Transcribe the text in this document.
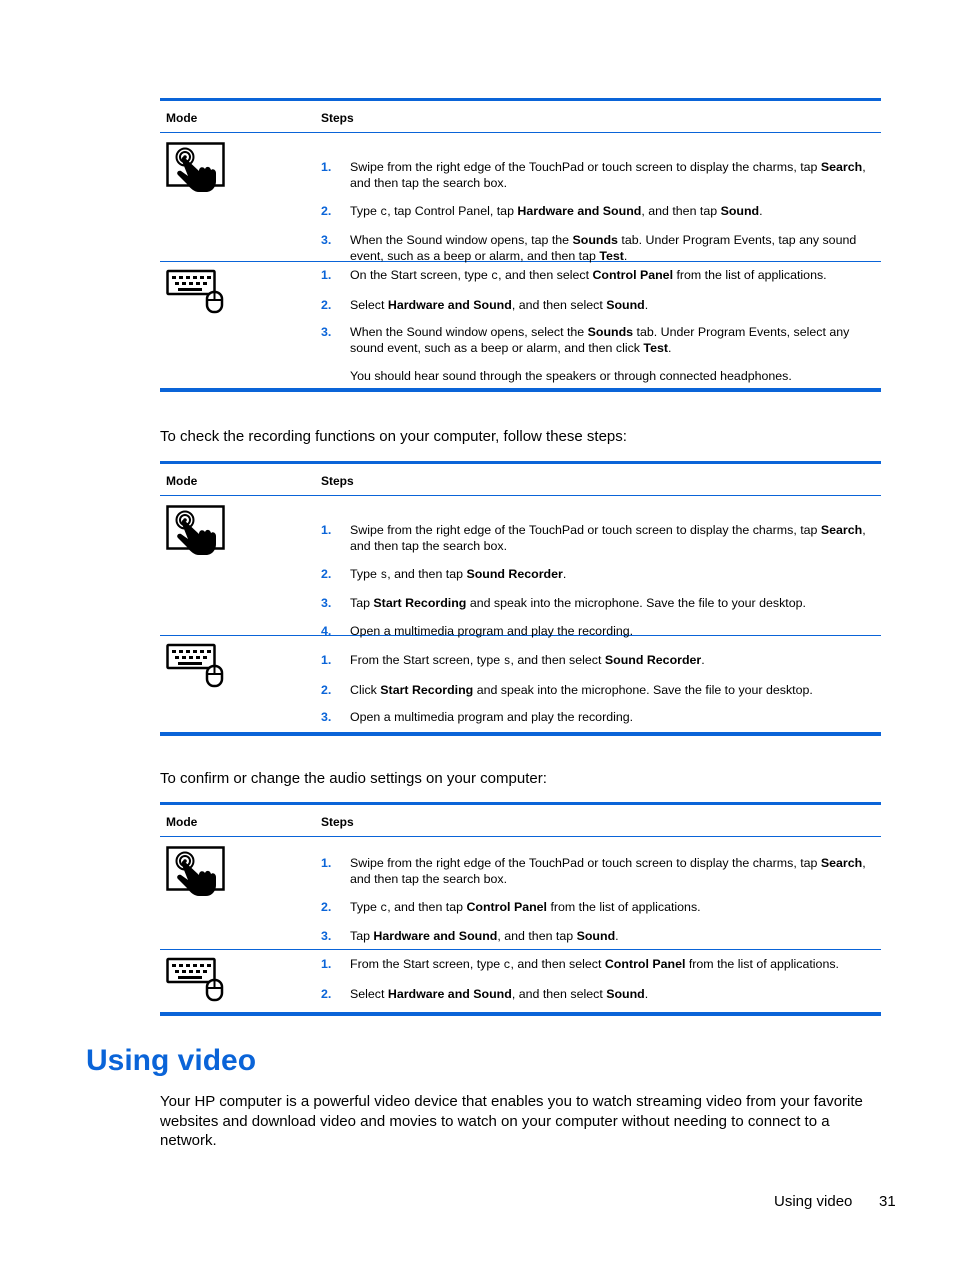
Mode	Steps
1. Swipe from the right edge of the TouchPad or touch screen to display the charms, tap Search, and then tap the search box.
2. Type c, tap Control Panel, tap Hardware and Sound, and then tap Sound.
3. When the Sound window opens, tap the Sounds tab. Under Program Events, tap any sound event, such as a beep or alarm, and then tap Test.
1. On the Start screen, type c, and then select Control Panel from the list of applications.
2. Select Hardware and Sound, and then select Sound.
3. When the Sound window opens, select the Sounds tab. Under Program Events, select any sound event, such as a beep or alarm, and then click Test.
You should hear sound through the speakers or through connected headphones.

To check the recording functions on your computer, follow these steps:

Mode	Steps
1. Swipe from the right edge of the TouchPad or touch screen to display the charms, tap Search, and then tap the search box.
2. Type s, and then tap Sound Recorder.
3. Tap Start Recording and speak into the microphone. Save the file to your desktop.
4. Open a multimedia program and play the recording.
1. From the Start screen, type s, and then select Sound Recorder.
2. Click Start Recording and speak into the microphone. Save the file to your desktop.
3. Open a multimedia program and play the recording.

To confirm or change the audio settings on your computer:

Mode	Steps
1. Swipe from the right edge of the TouchPad or touch screen to display the charms, tap Search, and then tap the search box.
2. Type c, and then tap Control Panel from the list of applications.
3. Tap Hardware and Sound, and then tap Sound.
1. From the Start screen, type c, and then select Control Panel from the list of applications.
2. Select Hardware and Sound, and then select Sound.
Using video

Your HP computer is a powerful video device that enables you to watch streaming video from your favorite websites and download video and movies to watch on your computer without needing to connect to a network.

Using video 31
